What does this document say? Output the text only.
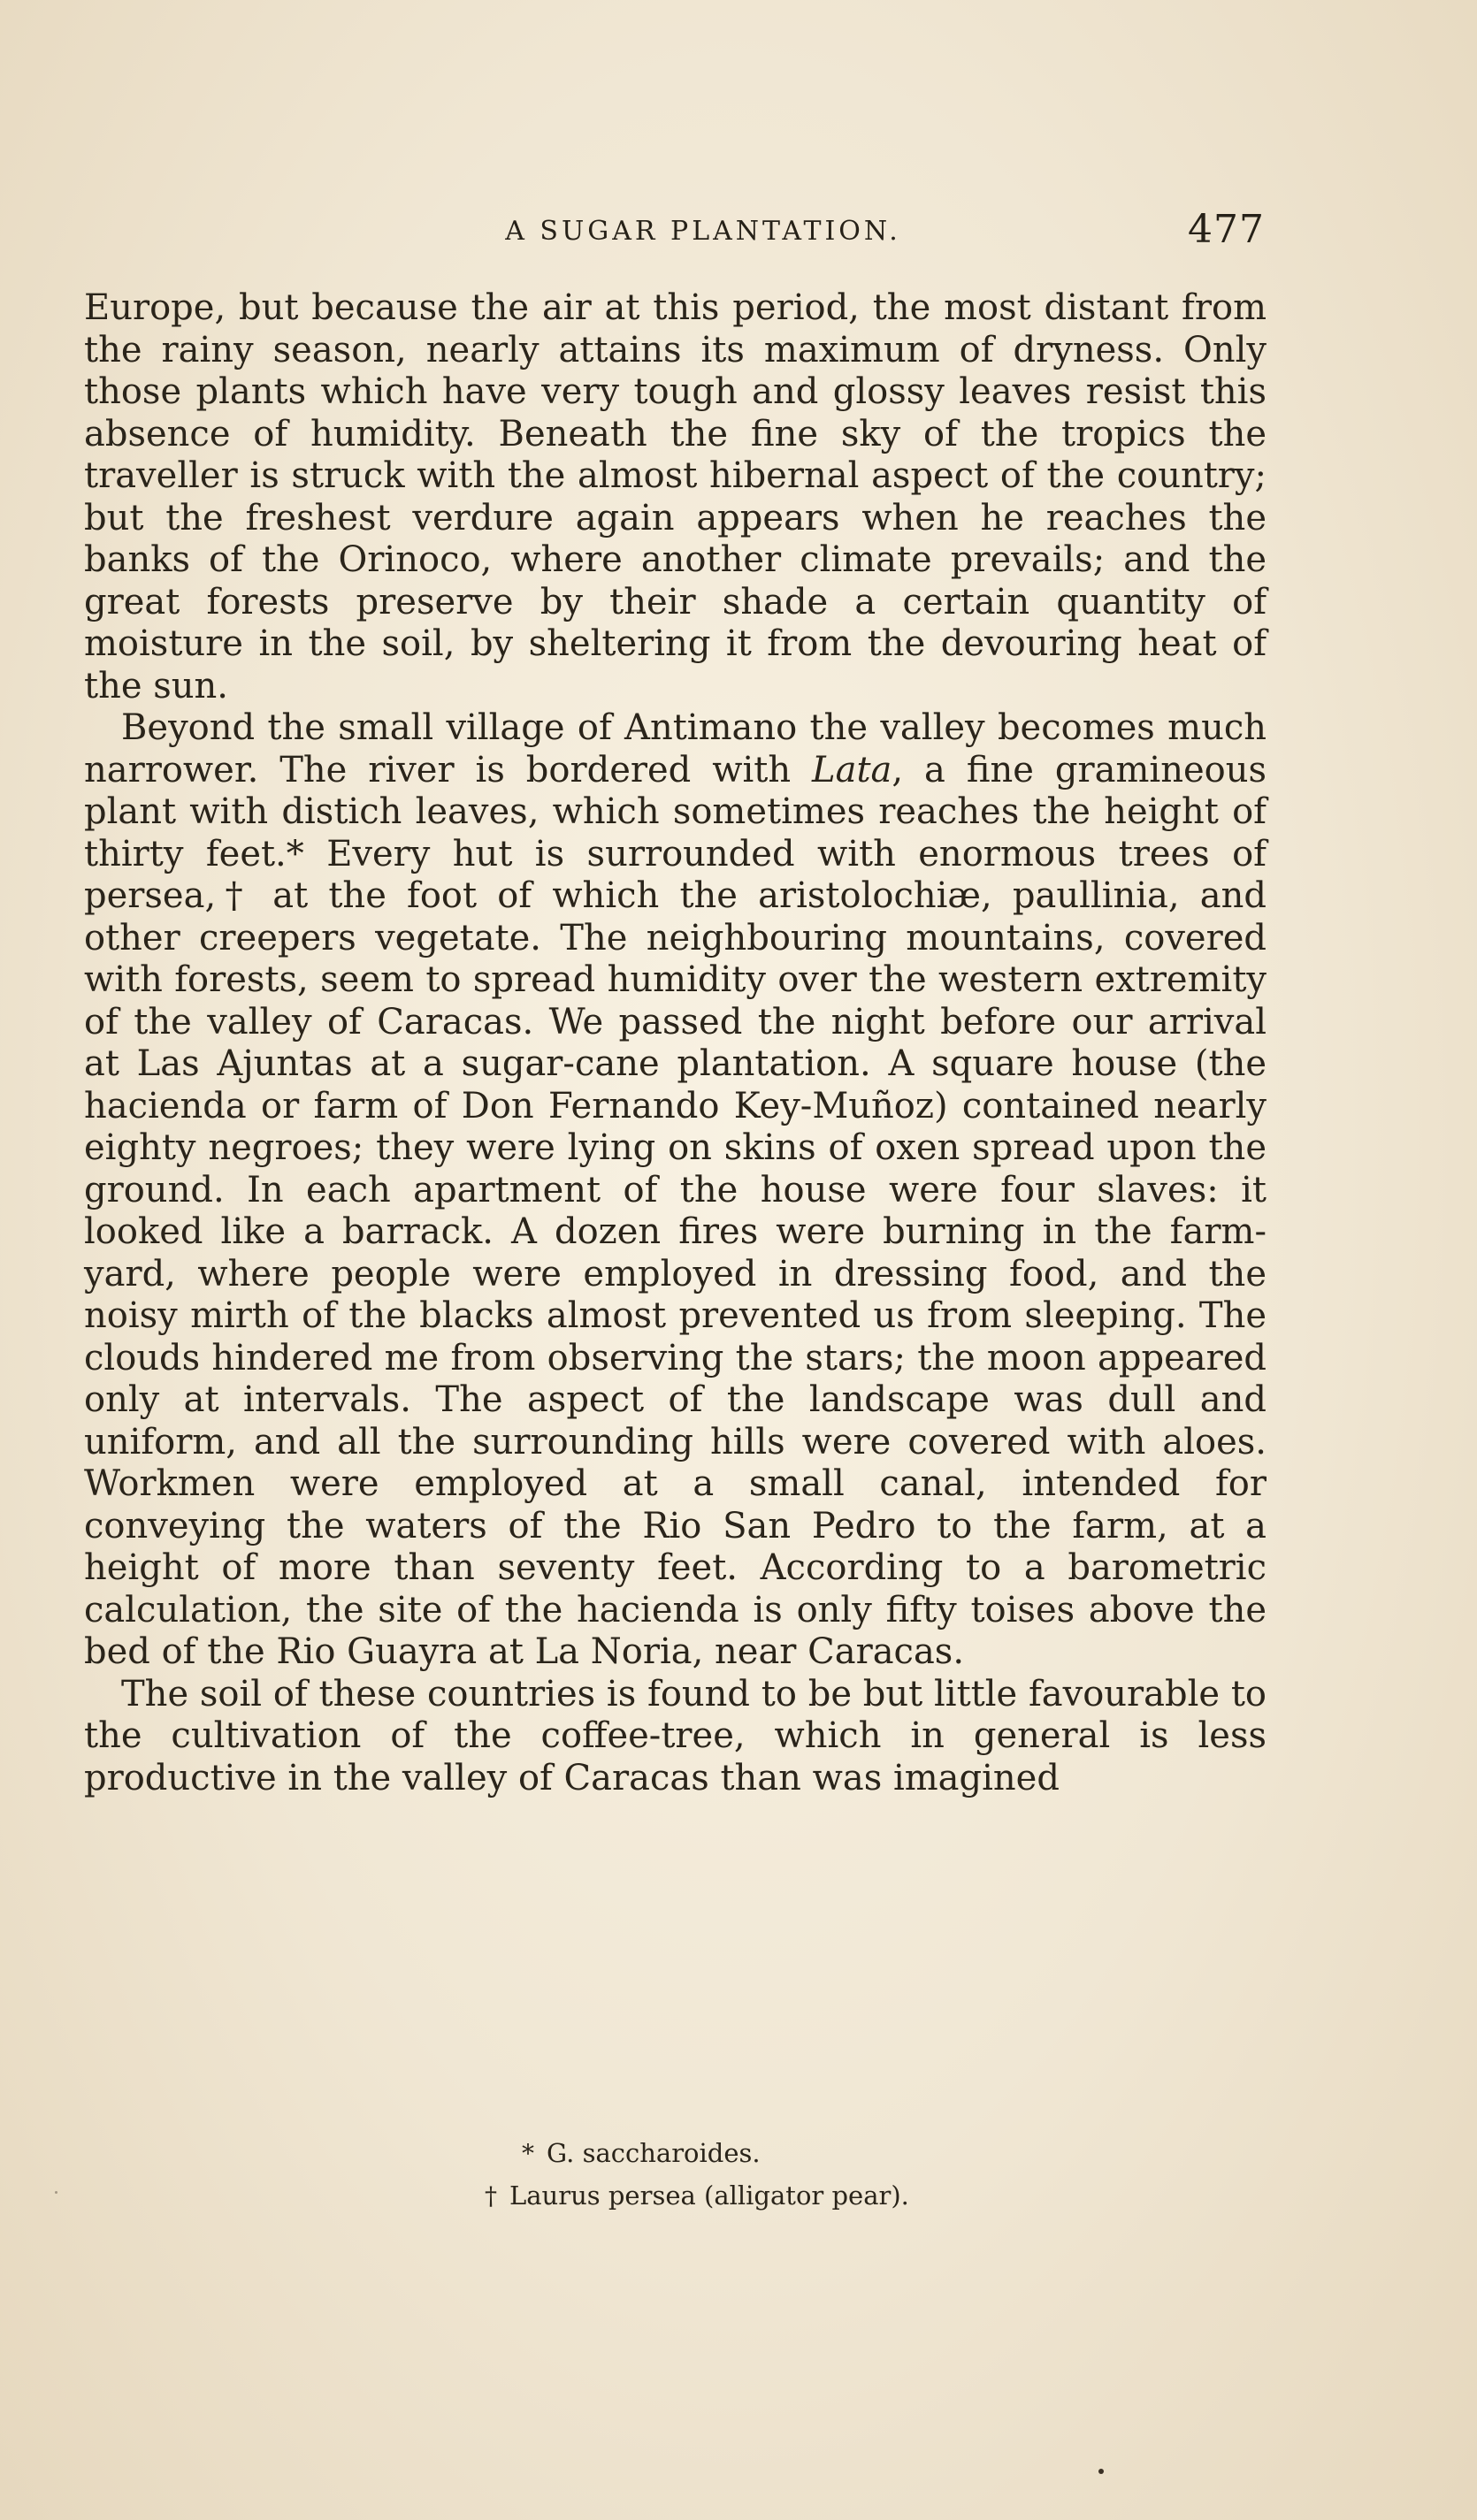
A SUGAR PLANTATION.	477

Europe, but because the air at this period, the most distant from the rainy season, nearly attains its maximum of dryness. Only those plants which have very tough and glossy leaves resist this absence of humidity. Beneath the fine sky of the tropics the traveller is struck with the almost hibernal aspect of the country; but the freshest verdure again appears when he reaches the banks of the Orinoco, where another climate prevails; and the great forests preserve by their shade a certain quantity of moisture in the soil, by sheltering it from the devouring heat of the sun.

Beyond the small village of Antimano the valley becomes much narrower. The river is bordered with Lata, a fine gramineous plant with distich leaves, which sometimes reaches the height of thirty feet.* Every hut is surrounded with enormous trees of persea,† at the foot of which the aristolochiæ, paullinia, and other creepers vegetate. The neighbouring mountains, covered with forests, seem to spread humidity over the western extremity of the valley of Caracas. We passed the night before our arrival at Las Ajuntas at a sugar-cane plantation. A square house (the hacienda or farm of Don Fernando Key-Muñoz) contained nearly eighty negroes; they were lying on skins of oxen spread upon the ground. In each apartment of the house were four slaves: it looked like a barrack. A dozen fires were burning in the farm-yard, where people were employed in dressing food, and the noisy mirth of the blacks almost prevented us from sleeping. The clouds hindered me from observing the stars; the moon appeared only at intervals. The aspect of the landscape was dull and uniform, and all the surrounding hills were covered with aloes. Workmen were employed at a small canal, intended for conveying the waters of the Rio San Pedro to the farm, at a height of more than seventy feet. According to a barometric calculation, the site of the hacienda is only fifty toises above the bed of the Rio Guayra at La Noria, near Caracas.

The soil of these countries is found to be but little favourable to the cultivation of the coffee-tree, which in general is less productive in the valley of Caracas than was imagined

* G. saccharoides.
† Laurus persea (alligator pear).
